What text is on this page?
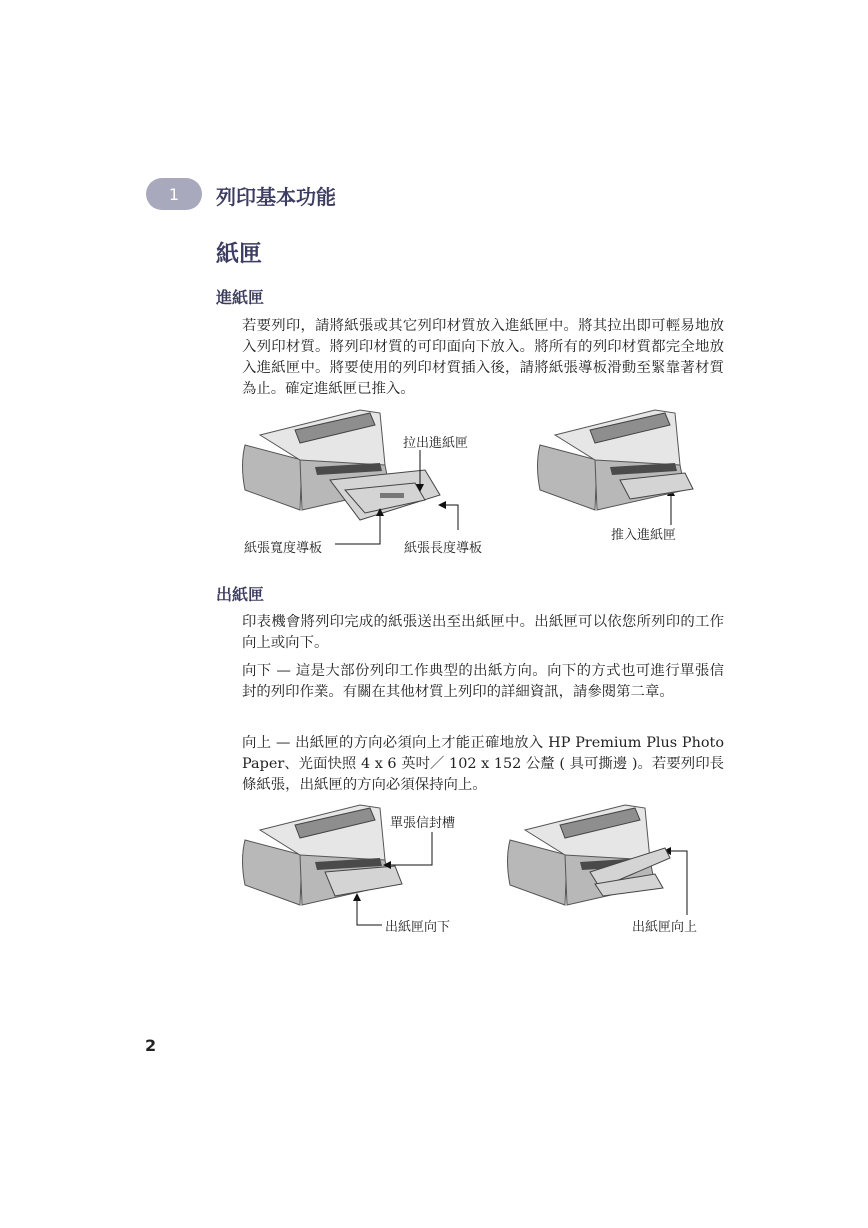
1 列印基本功能
紙匣
進紙匣

若要列印，請將紙張或其它列印材質放入進紙匣中。將其拉出即可輕易地放入列印材質。將列印材質的可印面向下放入。將所有的列印材質都完全地放入進紙匣中。將要使用的列印材質插入後，請將紙張導板滑動至緊靠著材質為止。確定進紙匣已推入。

拉出進紙匣
紙張寬度導板	紙張長度導板
推入進紙匣
出紙匣

印表機會將列印完成的紙張送出至出紙匣中。出紙匣可以依您所列印的工作向上或向下。

向下 — 這是大部份列印工作典型的出紙方向。向下的方式也可進行單張信封的列印作業。有關在其他材質上列印的詳細資訊，請參閱第二章。

向上 — 出紙匣的方向必須向上才能正確地放入 HP Premium Plus Photo Paper、光面快照 4 x 6 英吋／ 102 x 152 公釐 ( 具可撕邊 )。若要列印長條紙張，出紙匣的方向必須保持向上。

單張信封槽
出紙匣向下	出紙匣向上
2
